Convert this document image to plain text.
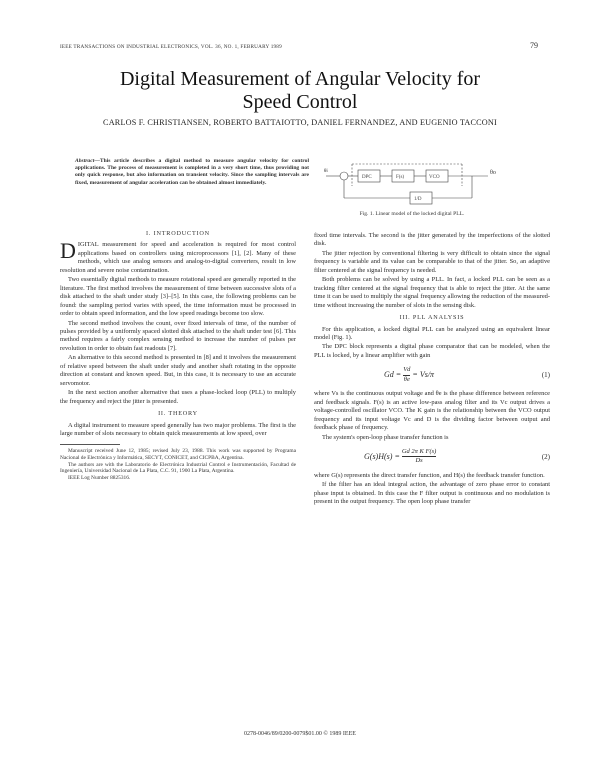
IEEE TRANSACTIONS ON INDUSTRIAL ELECTRONICS, VOL. 36, NO. 1, FEBRUARY 1989	79
Digital Measurement of Angular Velocity for
Speed Control
CARLOS F. CHRISTIANSEN, ROBERTO BATTAIOTTO, DANIEL FERNANDEZ, AND EUGENIO TACCONI
Abstract—This article describes a digital method to measure angular velocity for control applications. The process of measurement is completed in a very short time, thus providing not only quick response, but also information on transient velocity. Since the sampling intervals are fixed, measurement of angular acceleration can be obtained almost immediately.
DPC	F(s)	VCO
1/D
θo
θi
Fig. 1. Linear model of the locked digital PLL.
I. INTRODUCTION

DIGITAL measurement for speed and acceleration is required for most control applications based on controllers using microprocessors [1], [2]. Many of these methods, which use analog sensors and analog-to-digital converters, result in low resolution and severe noise contamination.

Two essentially digital methods to measure rotational speed are generally reported in the literature. The first method involves the measurement of time between successive slots of a disk attached to the shaft under study [3]–[5]. In this case, the following problems can be found: the sampling period varies with speed, the time information must be processed in order to obtain speed information, and the low speed readings become too slow.

The second method involves the count, over fixed intervals of time, of the number of pulses provided by a uniformly spaced slotted disk attached to the shaft under test [6]. This method requires a fairly complex sensing method to increase the number of pulses per revolution in order to obtain fast readouts [7].

An alternative to this second method is presented in [8] and it involves the measurement of relative speed between the shaft under study and another shaft rotating in the opposite direction at constant and known speed. But, in this case, it is necessary to use an accurate servomotor.

In the next section another alternative that uses a phase-locked loop (PLL) to multiply the frequency and reject the jitter is presented.

II. THEORY

A digital instrument to measure speed generally has two major problems. The first is the large number of slots necessary to obtain quick measurements at low speed, over

Manuscript received June 12, 1985; revised July 23, 1988. This work was supported by Programa Nacional de Electrónica y Informática, SECYT, CONICET, and CICPBA, Argentina.

The authors are with the Laboratorio de Electrónica Industrial Control e Instrumentación, Facultad de Ingeniería, Universidad Nacional de La Plata, C.C. 91, 1900 La Plata, Argentina.

IEEE Log Number 8825316.

fixed time intervals. The second is the jitter generated by the imperfections of the slotted disk.

The jitter rejection by conventional filtering is very difficult to obtain since the signal frequency is variable and its value can be comparable to that of the jitter. So, an adaptive filter centered at the signal frequency is needed.

Both problems can be solved by using a PLL. In fact, a locked PLL can be seen as a tracking filter centered at the signal frequency that is able to reject the jitter. At the same time it can be used to multiply the signal frequency allowing the reduction of the measured-time without increasing the number of slots in the sensing disk.

III. PLL ANALYSIS

For this application, a locked digital PLL can be analyzed using an equivalent linear model (Fig. 1).

The DPC block represents a digital phase comparator that can be modeled, when the PLL is locked, by a linear amplifier with gain

$Gd = \frac{Vd}{\theta e} = Vs/\pi$	(1)

where Vs is the continuous output voltage and θe is the phase difference between reference and feedback signals. F(s) is an active low-pass analog filter and its Vc output drives a voltage-controlled oscillator VCO. The K gain is the relationship between the VCO output frequency and its input voltage Vc and D is the dividing factor between output and feedback phase of frequency.

The system's open-loop phase transfer function is

$G(s)H(s) = \frac{\text{Gd 2π K F(s)}}{Ds}$	(2)

where G(s) represents the direct transfer function, and H(s) the feedback transfer function.

If the filter has an ideal integral action, the advantage of zero phase error to constant phase input is obtained. In this case the F filter output is continuous and no modulation is present in the output frequency. The open loop phase transfer

0278-0046/89/0200-0079$01.00 © 1989 IEEE
